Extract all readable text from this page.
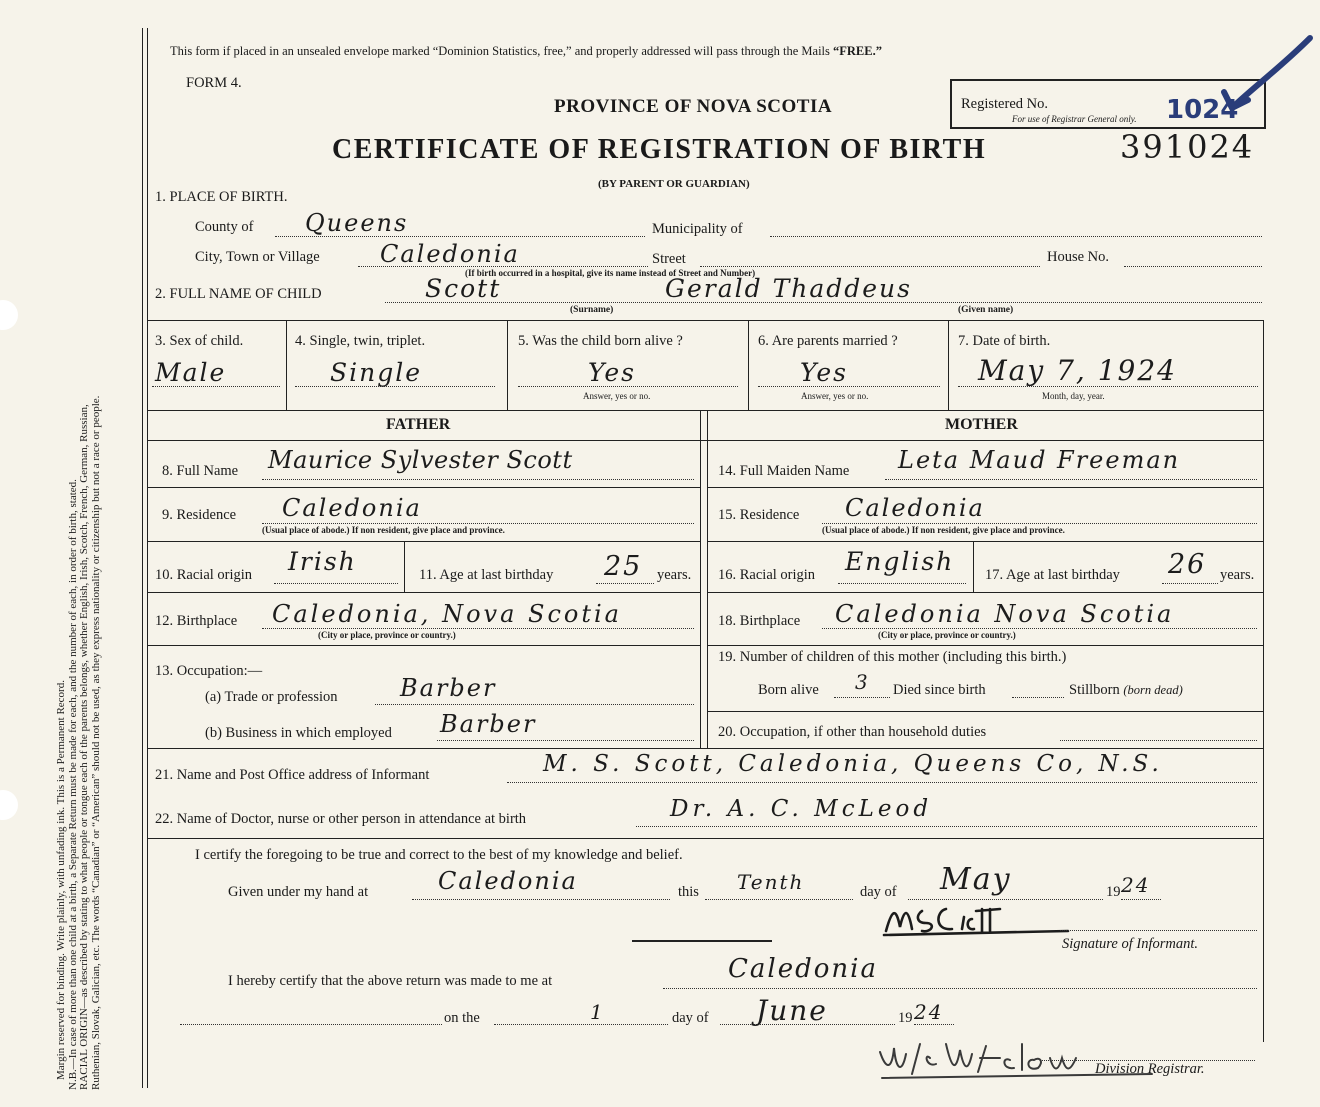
Margin reserved for binding. Write plainly, with unfading ink. This is a Permanent Record. N.B.—In case of more than one child at a birth, a Separate Return must be made for each, and the number of each, in order of birth, stated. RACIAL ORIGIN—as described by stating to what people or tongue each of the parents belongs, whether English, Irish, Scotch, French, German, Russian, Ruthenian, Slovak, Galician, etc. The words “Canadian” or “American” should not be used, as they express nationality or citizenship but not a race or people.
This form if placed in an unsealed envelope marked “Dominion Statistics, free,” and properly addressed will pass through the Mails “FREE.”
FORM 4.
PROVINCE OF NOVA SCOTIA
CERTIFICATE OF REGISTRATION OF BIRTH
(BY PARENT OR GUARDIAN)
Registered No.
For use of Registrar General only. 1024
391024
1. PLACE OF BIRTH.
County of Queens	Municipality of
City, Town or Village	Caledonia	Street	House No.
(If birth occurred in a hospital, give its name instead of Street and Number)
2. FULL NAME OF CHILD	Scott	Gerald Thaddeus
(Surname)	(Given name)
3. Sex of child.
Male
4. Single, twin, triplet.
Single
5. Was the child born alive ?
Yes
Answer, yes or no.
6. Are parents married ?
Yes
Answer, yes or no.
7. Date of birth.
May 7, 1924
Month, day, year.
FATHER	MOTHER
8. Full Name Maurice Sylvester Scott
9. Residence Caledonia
(Usual place of abode.) If non resident, give place and province.
10. Racial origin Irish	11. Age at last birthday 25 years.
12. Birthplace Caledonia, Nova Scotia
(City or place, province or country.)
13. Occupation:—
(a) Trade or profession	Barber
(b) Business in which employed Barber
14. Full Maiden Name Leta Maud Freeman
15. Residence Caledonia
(Usual place of abode.) If non resident, give place and province.
16. Racial origin English 17. Age at last birthday 26 years.
18. Birthplace Caledonia Nova Scotia
(City or place, province or country.)
19. Number of children of this mother (including this birth.)
Born alive 3 Died since birth	Stillborn (born dead)
20. Occupation, if other than household duties
21. Name and Post Office address of Informant	M. S. Scott, Caledonia, Queens Co, N.S.
22. Name of Doctor, nurse or other person in attendance at birth	Dr. A. C. McLeod
I certify the foregoing to be true and correct to the best of my knowledge and belief.
Given under my hand at	Caledonia	this Tenth	day of May	19 24
Signature of Informant.
I hereby certify that the above return was made to me at	Caledonia
on the	1	day of June	19 24
Division Registrar.
